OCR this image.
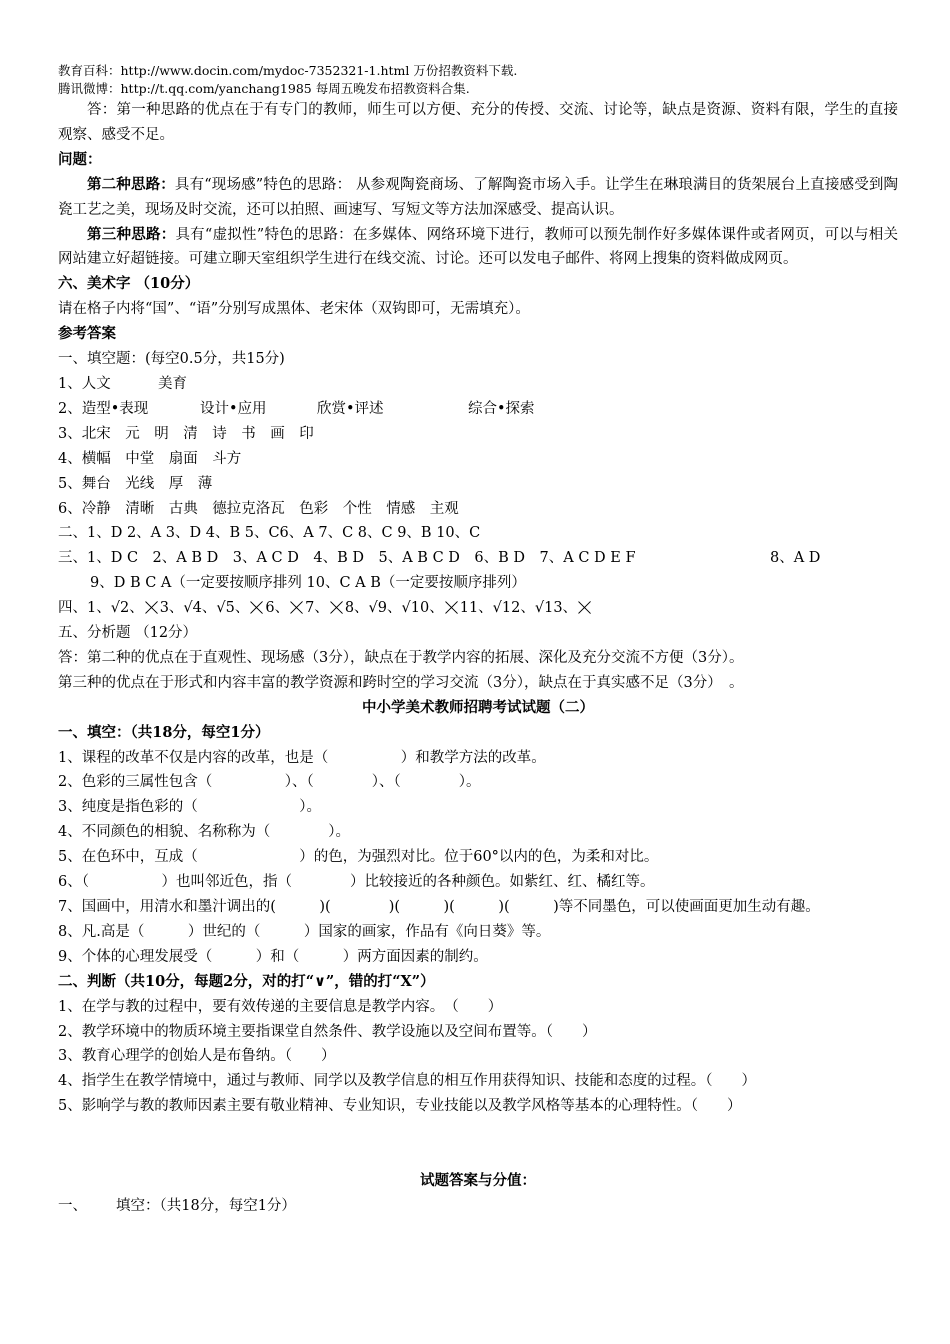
教育百科：http://www.docin.com/mydoc-7352321-1.html 万份招教资料下载.
腾讯微博：http://t.qq.com/yanchang1985 每周五晚发布招教资料合集.
答：第一种思路的优点在于有专门的教师，师生可以方便、充分的传授、交流、讨论等，缺点是资源、资料有限，学生的直接观察、感受不足。
问题：
第二种思路：具有“现场感”特色的思路： 从参观陶瓷商场、了解陶瓷市场入手。让学生在琳琅满目的货架展台上直接感受到陶瓷工艺之美，现场及时交流，还可以拍照、画速写、写短文等方法加深感受、提高认识。
第三种思路：具有“虚拟性”特色的思路：在多媒体、网络环境下进行，教师可以预先制作好多媒体课件或者网页，可以与相关网站建立好超链接。可建立聊天室组织学生进行在线交流、讨论。还可以发电子邮件、将网上搜集的资料做成网页。
六、美术字 （10分）
请在格子内将“国”、“语”分别写成黑体、老宋体（双钩即可，无需填充）。
参考答案
一、填空题：(每空0.5分，共15分)
1、人文	美育
2、造型•表现	设计•应用	欣赏•评述	综合•探索
3、北宋　元　明　清　诗　书　画　印
4、横幅　中堂　扇面　斗方
5、舞台　光线　厚　薄
6、冷静　清晰　古典　德拉克洛瓦　色彩　个性　情感　主观
二、1、D 2、A 3、D 4、B 5、C6、A 7、C 8、C 9、B 10、C
三、1、D C　2、A B D　3、A C D　4、B D　5、A B C D　6、B D　7、A C D E F	8、A D
9、D B C A（一定要按顺序排列 10、C A B（一定要按顺序排列）
四、1、√2、 3、√4、√5、 6、 7、 8、√9、√10、 11、√12、√13、
五、分析题 （12分）
答：第二种的优点在于直观性、现场感（3分），缺点在于教学内容的拓展、深化及充分交流不方便（3分）。
第三种的优点在于形式和内容丰富的教学资源和跨时空的学习交流（3分），缺点在于真实感不足（3分）　。
中小学美术教师招聘考试试题（二）
一、填空：（共18分，每空1分）
1、课程的改革不仅是内容的改革，也是（　　　　　）和教学方法的改革。
2、色彩的三属性包含（　　　　　）、（　　　　）、（　　　　）。
3、纯度是指色彩的（　　　　　　　）。
4、不同颜色的相貌、名称称为（　　　　）。
5、在色环中，互成（　　　　　　　）的色，为强烈对比。位于60°以内的色，为柔和对比。
6、（　　　　　）也叫邻近色，指（　　　　）比较接近的各种颜色。如紫红、红、橘红等。
7、国画中，用清水和墨汁调出的(　　　)(　　　　)(　　　)(　　　)(　　　)等不同墨色，可以使画面更加生动有趣。
8、凡.高是（　　　）世纪的（　　　）国家的画家，作品有《向日葵》等。
9、个体的心理发展受（　　　）和（　　　）两方面因素的制约。
二、判断（共10分，每题2分，对的打“∨”，错的打“X”）
1、在学与教的过程中，要有效传递的主要信息是教学内容。　（　　）
2、教学环境中的物质环境主要指课堂自然条件、教学设施以及空间布置等。（　　）
3、教育心理学的创始人是布鲁纳。（　　）
4、指学生在教学情境中，通过与教师、同学以及教学信息的相互作用获得知识、技能和态度的过程。（　　）
5、影响学与教的教师因素主要有敬业精神、专业知识，专业技能以及教学风格等基本的心理特性。（　　）
试题答案与分值：
一、 填空：（共18分，每空1分）
